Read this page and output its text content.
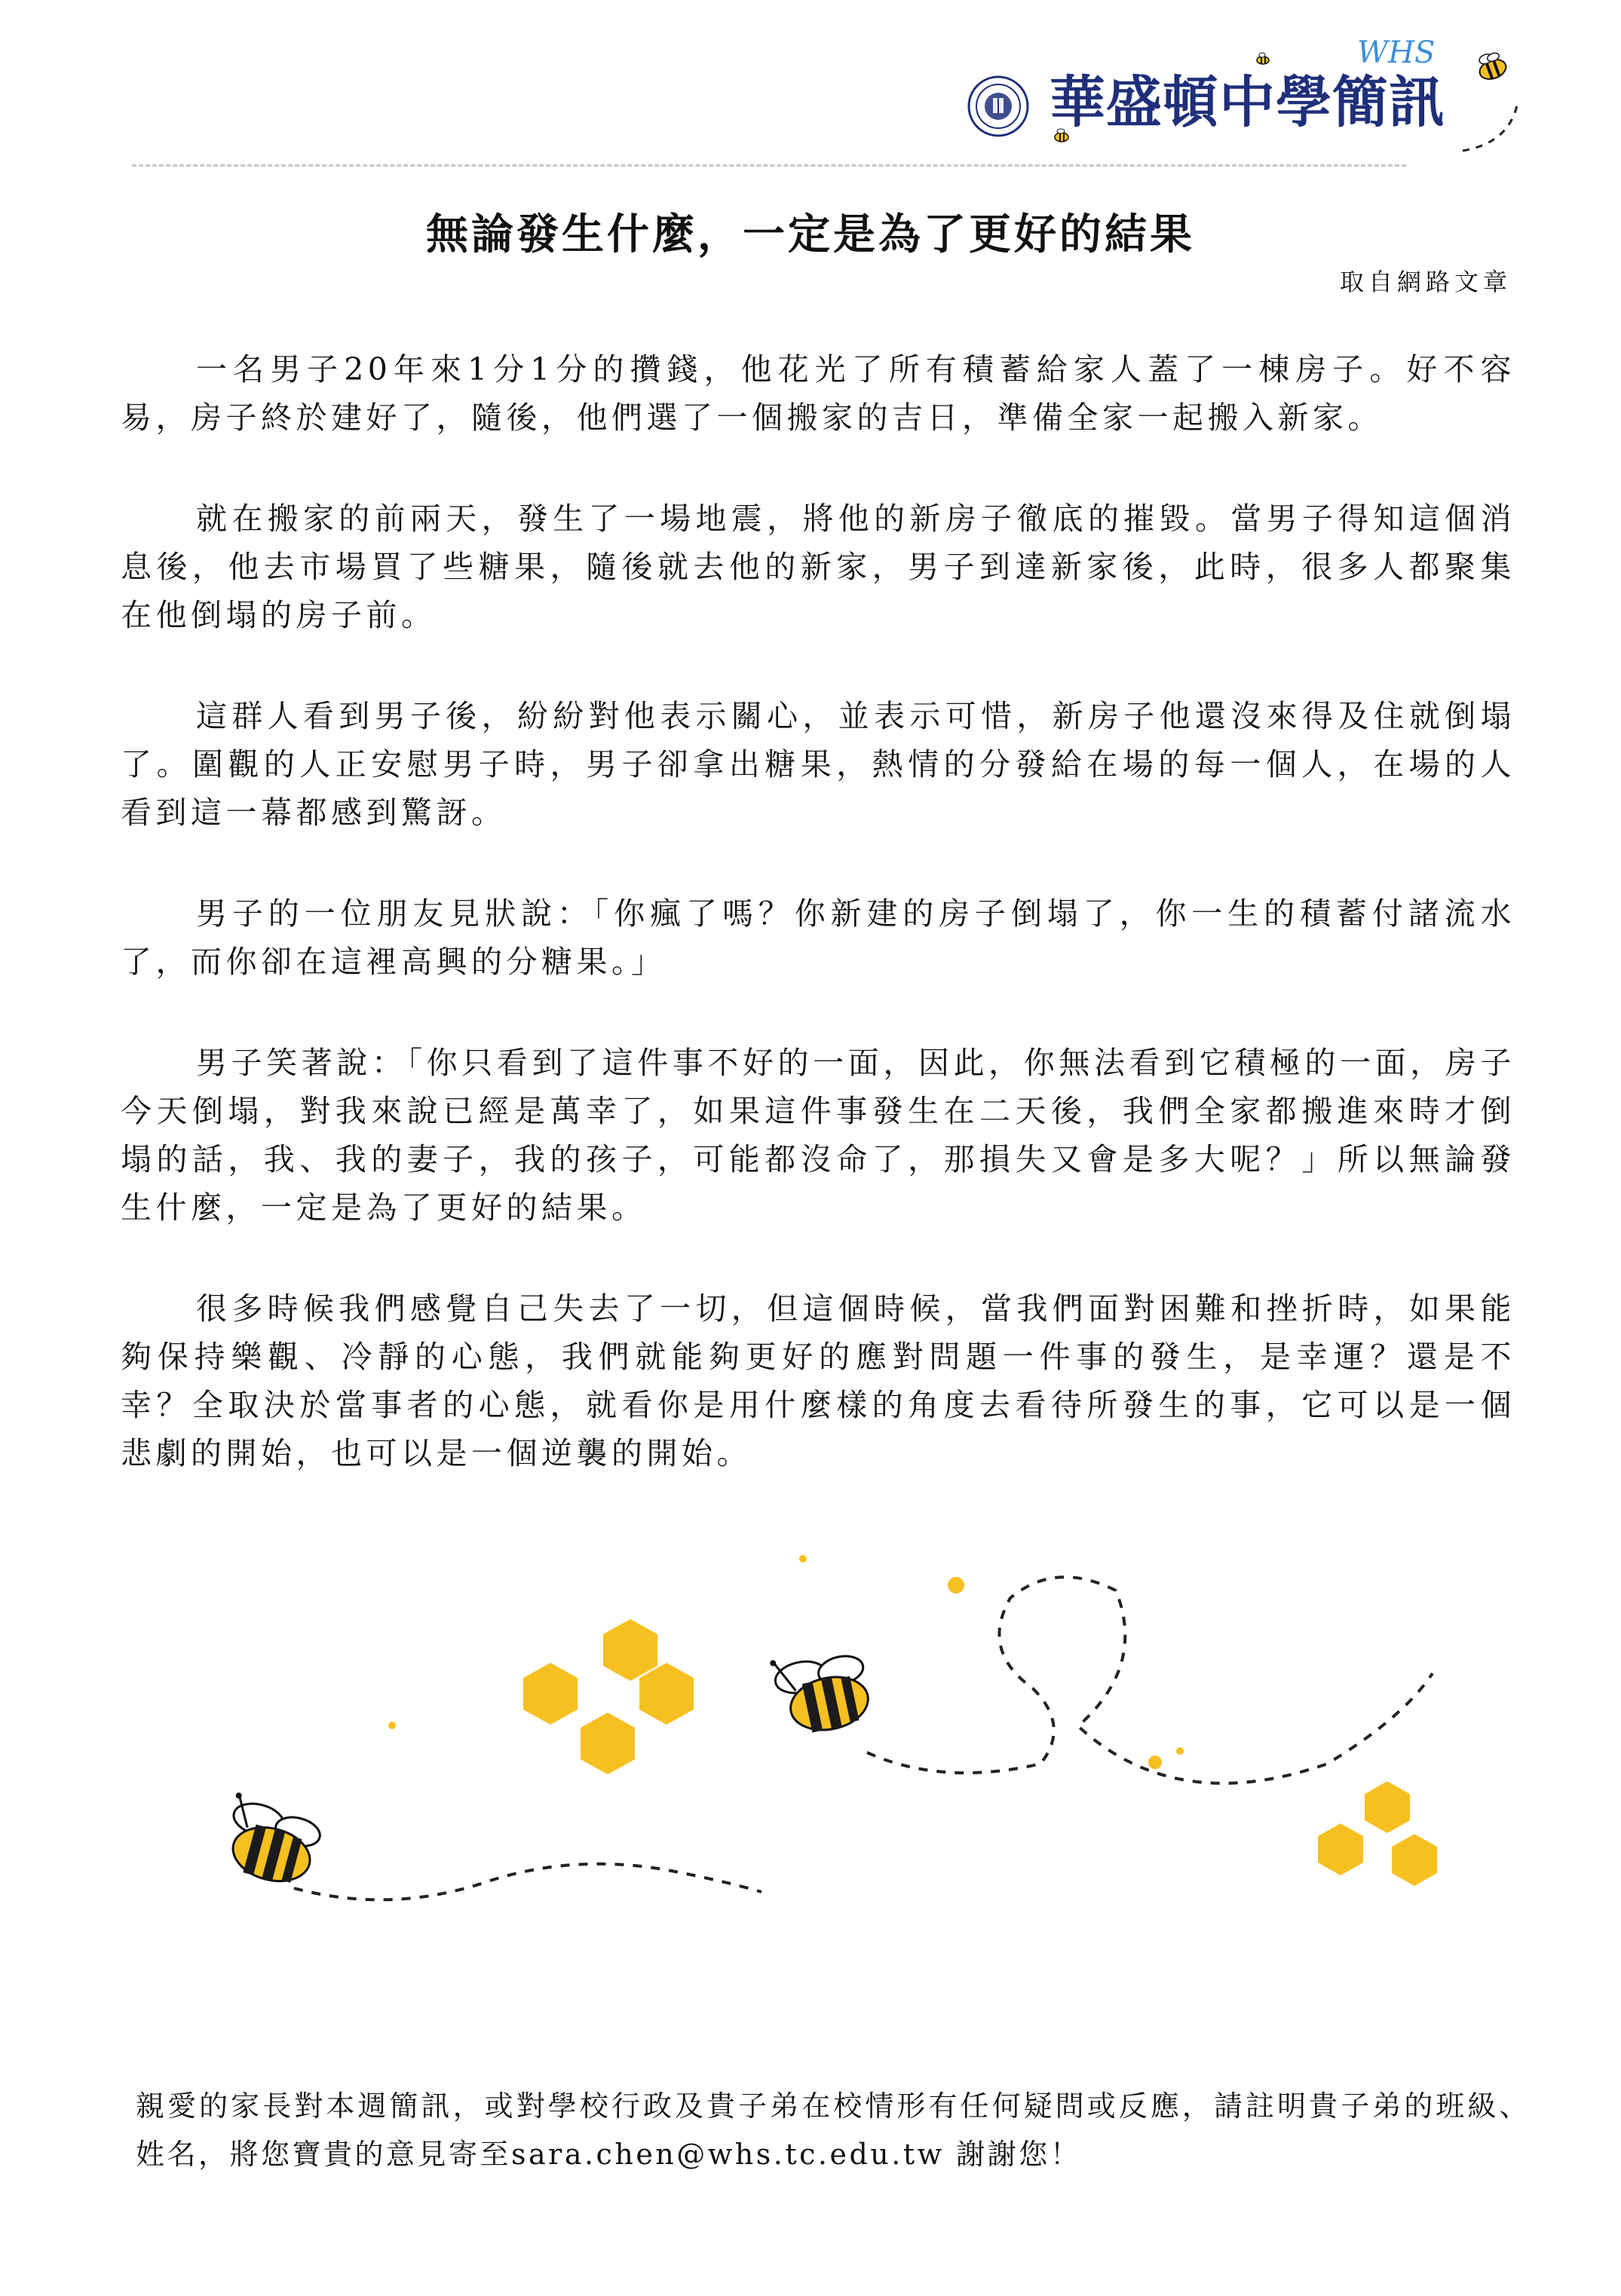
WHS
華盛頓中學簡訊
無論發生什麼，一定是為了更好的結果
取自網路文章

一名男子20年來1分1分的攢錢，他花光了所有積蓄給家人蓋了一棟房子。好不容易，房子終於建好了，隨後，他們選了一個搬家的吉日，準備全家一起搬入新家。

就在搬家的前兩天，發生了一場地震，將他的新房子徹底的摧毀。當男子得知這個消息後，他去市場買了些糖果，隨後就去他的新家，男子到達新家後，此時，很多人都聚集在他倒塌的房子前。

這群人看到男子後，紛紛對他表示關心，並表示可惜，新房子他還沒來得及住就倒塌了。圍觀的人正安慰男子時，男子卻拿出糖果，熱情的分發給在場的每一個人，在場的人看到這一幕都感到驚訝。

男子的一位朋友見狀說：「你瘋了嗎？你新建的房子倒塌了，你一生的積蓄付諸流水了，而你卻在這裡高興的分糖果。」

男子笑著說：「你只看到了這件事不好的一面，因此，你無法看到它積極的一面，房子今天倒塌，對我來說已經是萬幸了，如果這件事發生在二天後，我們全家都搬進來時才倒塌的話，我、我的妻子，我的孩子，可能都沒命了，那損失又會是多大呢？」所以無論發生什麼，一定是為了更好的結果。

很多時候我們感覺自己失去了一切，但這個時候，當我們面對困難和挫折時，如果能夠保持樂觀、冷靜的心態，我們就能夠更好的應對問題一件事的發生，是幸運？還是不幸？全取決於當事者的心態，就看你是用什麼樣的角度去看待所發生的事，它可以是一個悲劇的開始，也可以是一個逆襲的開始。

親愛的家長對本週簡訊，或對學校行政及貴子弟在校情形有任何疑問或反應，請註明貴子弟的班級、姓名，將您寶貴的意見寄至sara.chen@whs.tc.edu.tw 謝謝您！
